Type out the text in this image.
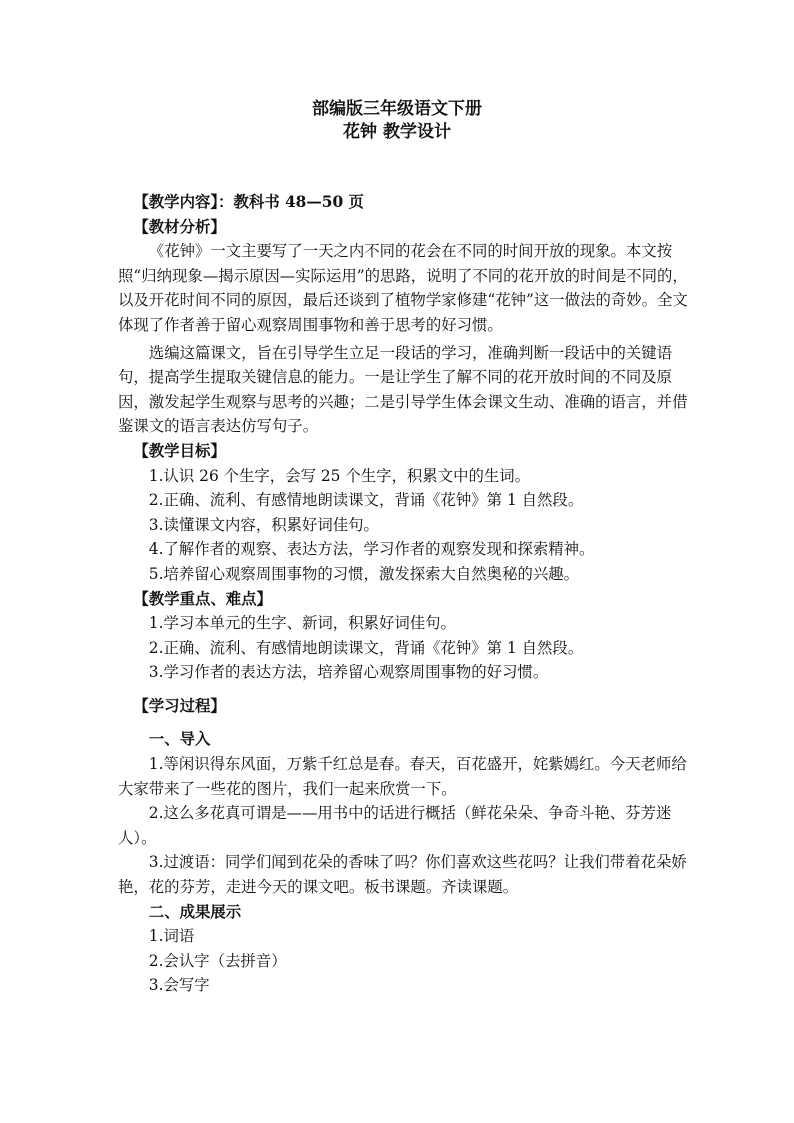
部编版三年级语文下册
花钟 教学设计

【教学内容】：教科书 48—50 页

【教材分析】

《花钟》一文主要写了一天之内不同的花会在不同的时间开放的现象。本文按照“归纳现象—揭示原因—实际运用”的思路，说明了不同的花开放的时间是不同的，以及开花时间不同的原因，最后还谈到了植物学家修建“花钟”这一做法的奇妙。全文体现了作者善于留心观察周围事物和善于思考的好习惯。

选编这篇课文，旨在引导学生立足一段话的学习，准确判断一段话中的关键语句，提高学生提取关键信息的能力。一是让学生了解不同的花开放时间的不同及原因，激发起学生观察与思考的兴趣；二是引导学生体会课文生动、准确的语言，并借鉴课文的语言表达仿写句子。

【教学目标】

1.认识 26 个生字，会写 25 个生字，积累文中的生词。

2.正确、流利、有感情地朗读课文，背诵《花钟》第 1 自然段。

3.读懂课文内容，积累好词佳句。

4.了解作者的观察、表达方法，学习作者的观察发现和探索精神。

5.培养留心观察周围事物的习惯，激发探索大自然奥秘的兴趣。

【教学重点、难点】

1.学习本单元的生字、新词，积累好词佳句。

2.正确、流利、有感情地朗读课文，背诵《花钟》第 1 自然段。

3.学习作者的表达方法，培养留心观察周围事物的好习惯。

【学习过程】

一、导入

1.等闲识得东风面，万紫千红总是春。春天，百花盛开，姹紫嫣红。今天老师给大家带来了一些花的图片，我们一起来欣赏一下。

2.这么多花真可谓是——用书中的话进行概括（鲜花朵朵、争奇斗艳、芬芳迷人）。

3.过渡语：同学们闻到花朵的香味了吗？你们喜欢这些花吗？让我们带着花朵娇艳，花的芬芳，走进今天的课文吧。板书课题。齐读课题。

二、成果展示

1.词语

2.会认字（去拼音）

3.会写字
